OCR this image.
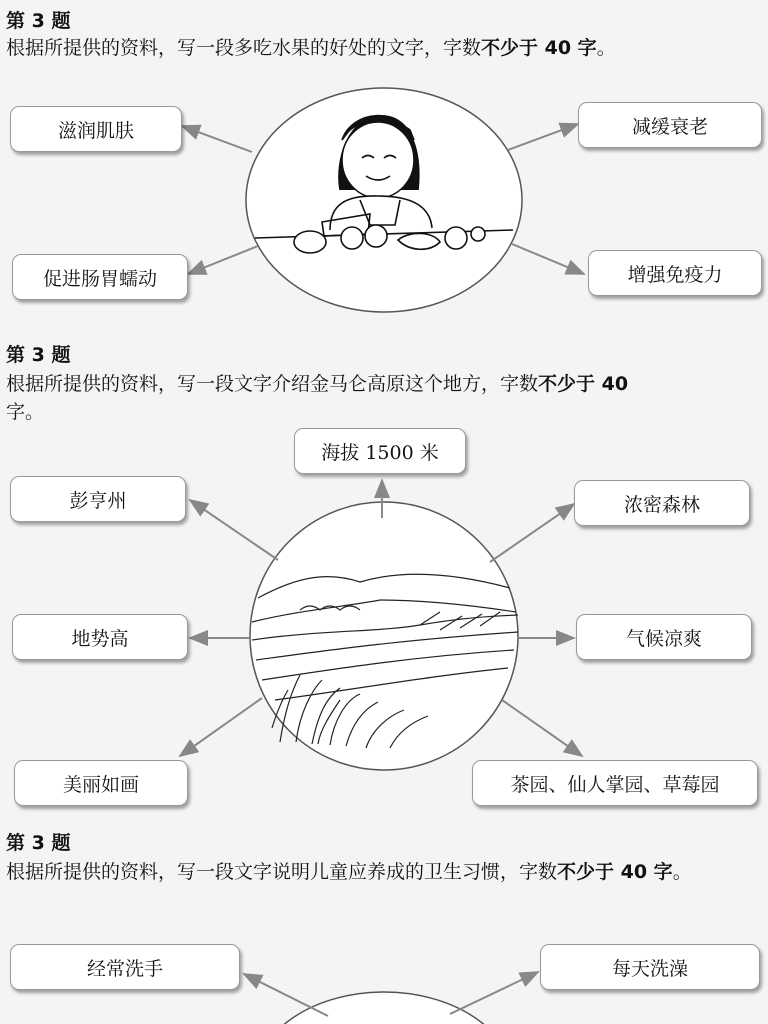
第 3 题
根据所提供的资料，写一段多吃水果的好处的文字，字数不少于 40 字。
滋润肌肤	减缓衰老
促进肠胃蠕动	增强免疫力
第 3 题
根据所提供的资料，写一段文字介绍金马仑高原这个地方，字数不少于 40
字。
海拔 1500 米
彭亨州	浓密森林
地势高	气候凉爽
美丽如画	茶园、仙人掌园、草莓园
第 3 题
根据所提供的资料，写一段文字说明儿童应养成的卫生习惯，字数不少于 40 字。
经常洗手	每天洗澡
